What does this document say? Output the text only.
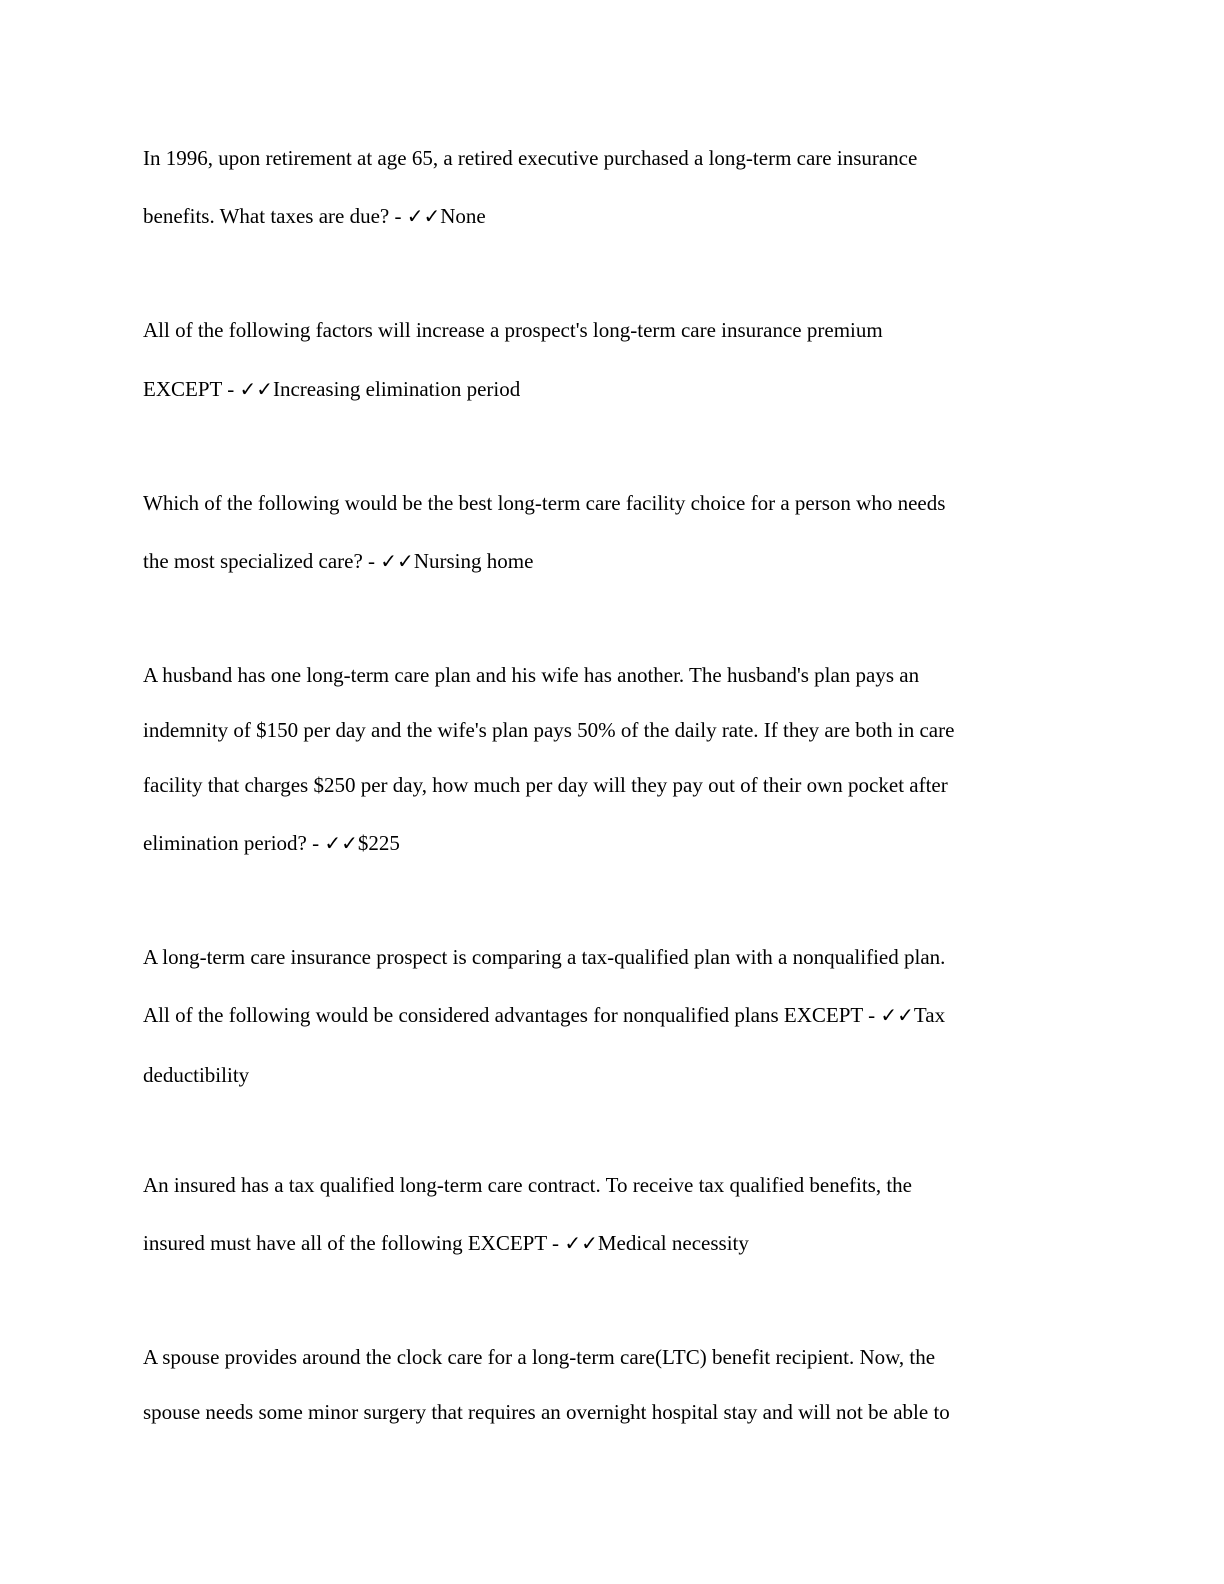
In 1996, upon retirement at age 65, a retired executive purchased a long-term care insurance
benefits. What taxes are due? - ✓✓None
All of the following factors will increase a prospect's long-term care insurance premium
EXCEPT - ✓✓Increasing elimination period
Which of the following would be the best long-term care facility choice for a person who needs
the most specialized care? - ✓✓Nursing home
A husband has one long-term care plan and his wife has another. The husband's plan pays an
indemnity of $150 per day and the wife's plan pays 50% of the daily rate. If they are both in care
facility that charges $250 per day, how much per day will they pay out of their own pocket after
elimination period? - ✓✓$225
A long-term care insurance prospect is comparing a tax-qualified plan with a nonqualified plan.
All of the following would be considered advantages for nonqualified plans EXCEPT - ✓✓Tax
deductibility
An insured has a tax qualified long-term care contract. To receive tax qualified benefits, the
insured must have all of the following EXCEPT - ✓✓Medical necessity
A spouse provides around the clock care for a long-term care(LTC) benefit recipient. Now, the
spouse needs some minor surgery that requires an overnight hospital stay and will not be able to
